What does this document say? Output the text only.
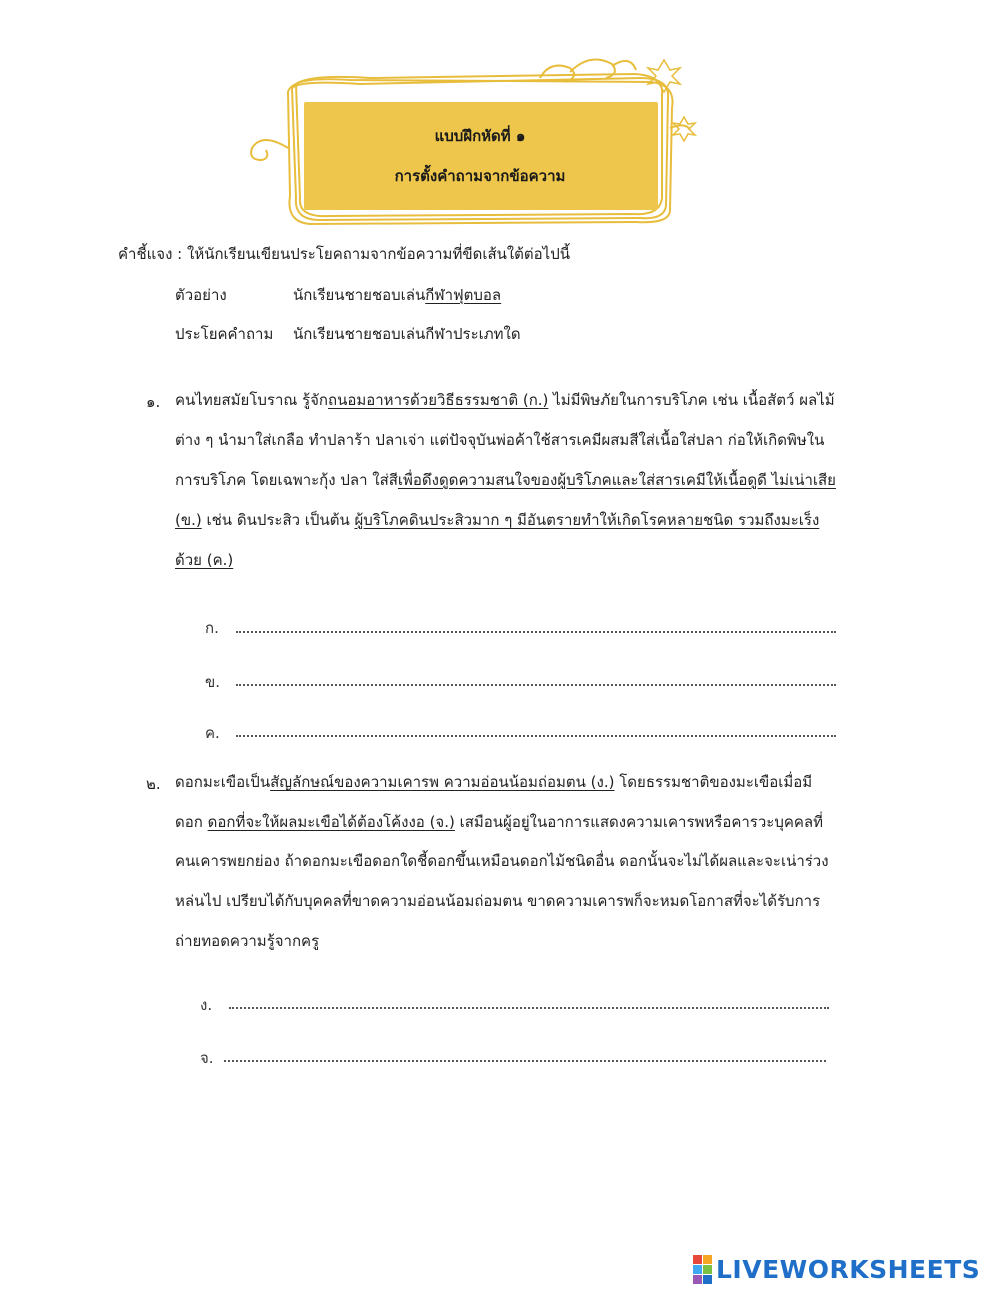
แบบฝึกหัดที่ ๑
การตั้งคำถามจากข้อความ
คำชี้แจง : ให้นักเรียนเขียนประโยคถามจากข้อความที่ขีดเส้นใต้ต่อไปนี้
ตัวอย่าง	นักเรียนชายชอบเล่นกีฬาฟุตบอล
ประโยคคำถาม นักเรียนชายชอบเล่นกีฬาประเภทใด
๑. คนไทยสมัยโบราณ รู้จักถนอมอาหารด้วยวิธีธรรมชาติ (ก.) ไม่มีพิษภัยในการบริโภค เช่น เนื้อสัตว์ ผลไม้
ต่าง ๆ นำมาใส่เกลือ ทำปลาร้า ปลาเจ่า แต่ปัจจุบันพ่อค้าใช้สารเคมีผสมสีใส่เนื้อใส่ปลา ก่อให้เกิดพิษใน
การบริโภค โดยเฉพาะกุ้ง ปลา ใส่สีเพื่อดึงดูดความสนใจของผู้บริโภคและใส่สารเคมีให้เนื้อดูดี ไม่เน่าเสีย
(ข.) เช่น ดินประสิว เป็นต้น ผู้บริโภคดินประสิวมาก ๆ มีอันตรายทำให้เกิดโรคหลายชนิด รวมถึงมะเร็ง
ด้วย (ค.)
ก.
ข.
ค.
๒. ดอกมะเขือเป็นสัญลักษณ์ของความเคารพ ความอ่อนน้อมถ่อมตน (ง.) โดยธรรมชาติของมะเขือเมื่อมี
ดอก ดอกที่จะให้ผลมะเขือได้ต้องโค้งงอ (จ.) เสมือนผู้อยู่ในอาการแสดงความเคารพหรือคารวะบุคคลที่
คนเคารพยกย่อง ถ้าดอกมะเขือดอกใดชี้ดอกขึ้นเหมือนดอกไม้ชนิดอื่น ดอกนั้นจะไม่ได้ผลและจะเน่าร่วง
หล่นไป เปรียบได้กับบุคคลที่ขาดความอ่อนน้อมถ่อมตน ขาดความเคารพก็จะหมดโอกาสที่จะได้รับการ
ถ่ายทอดความรู้จากครู
ง.
จ.
LIVEWORKSHEETS
